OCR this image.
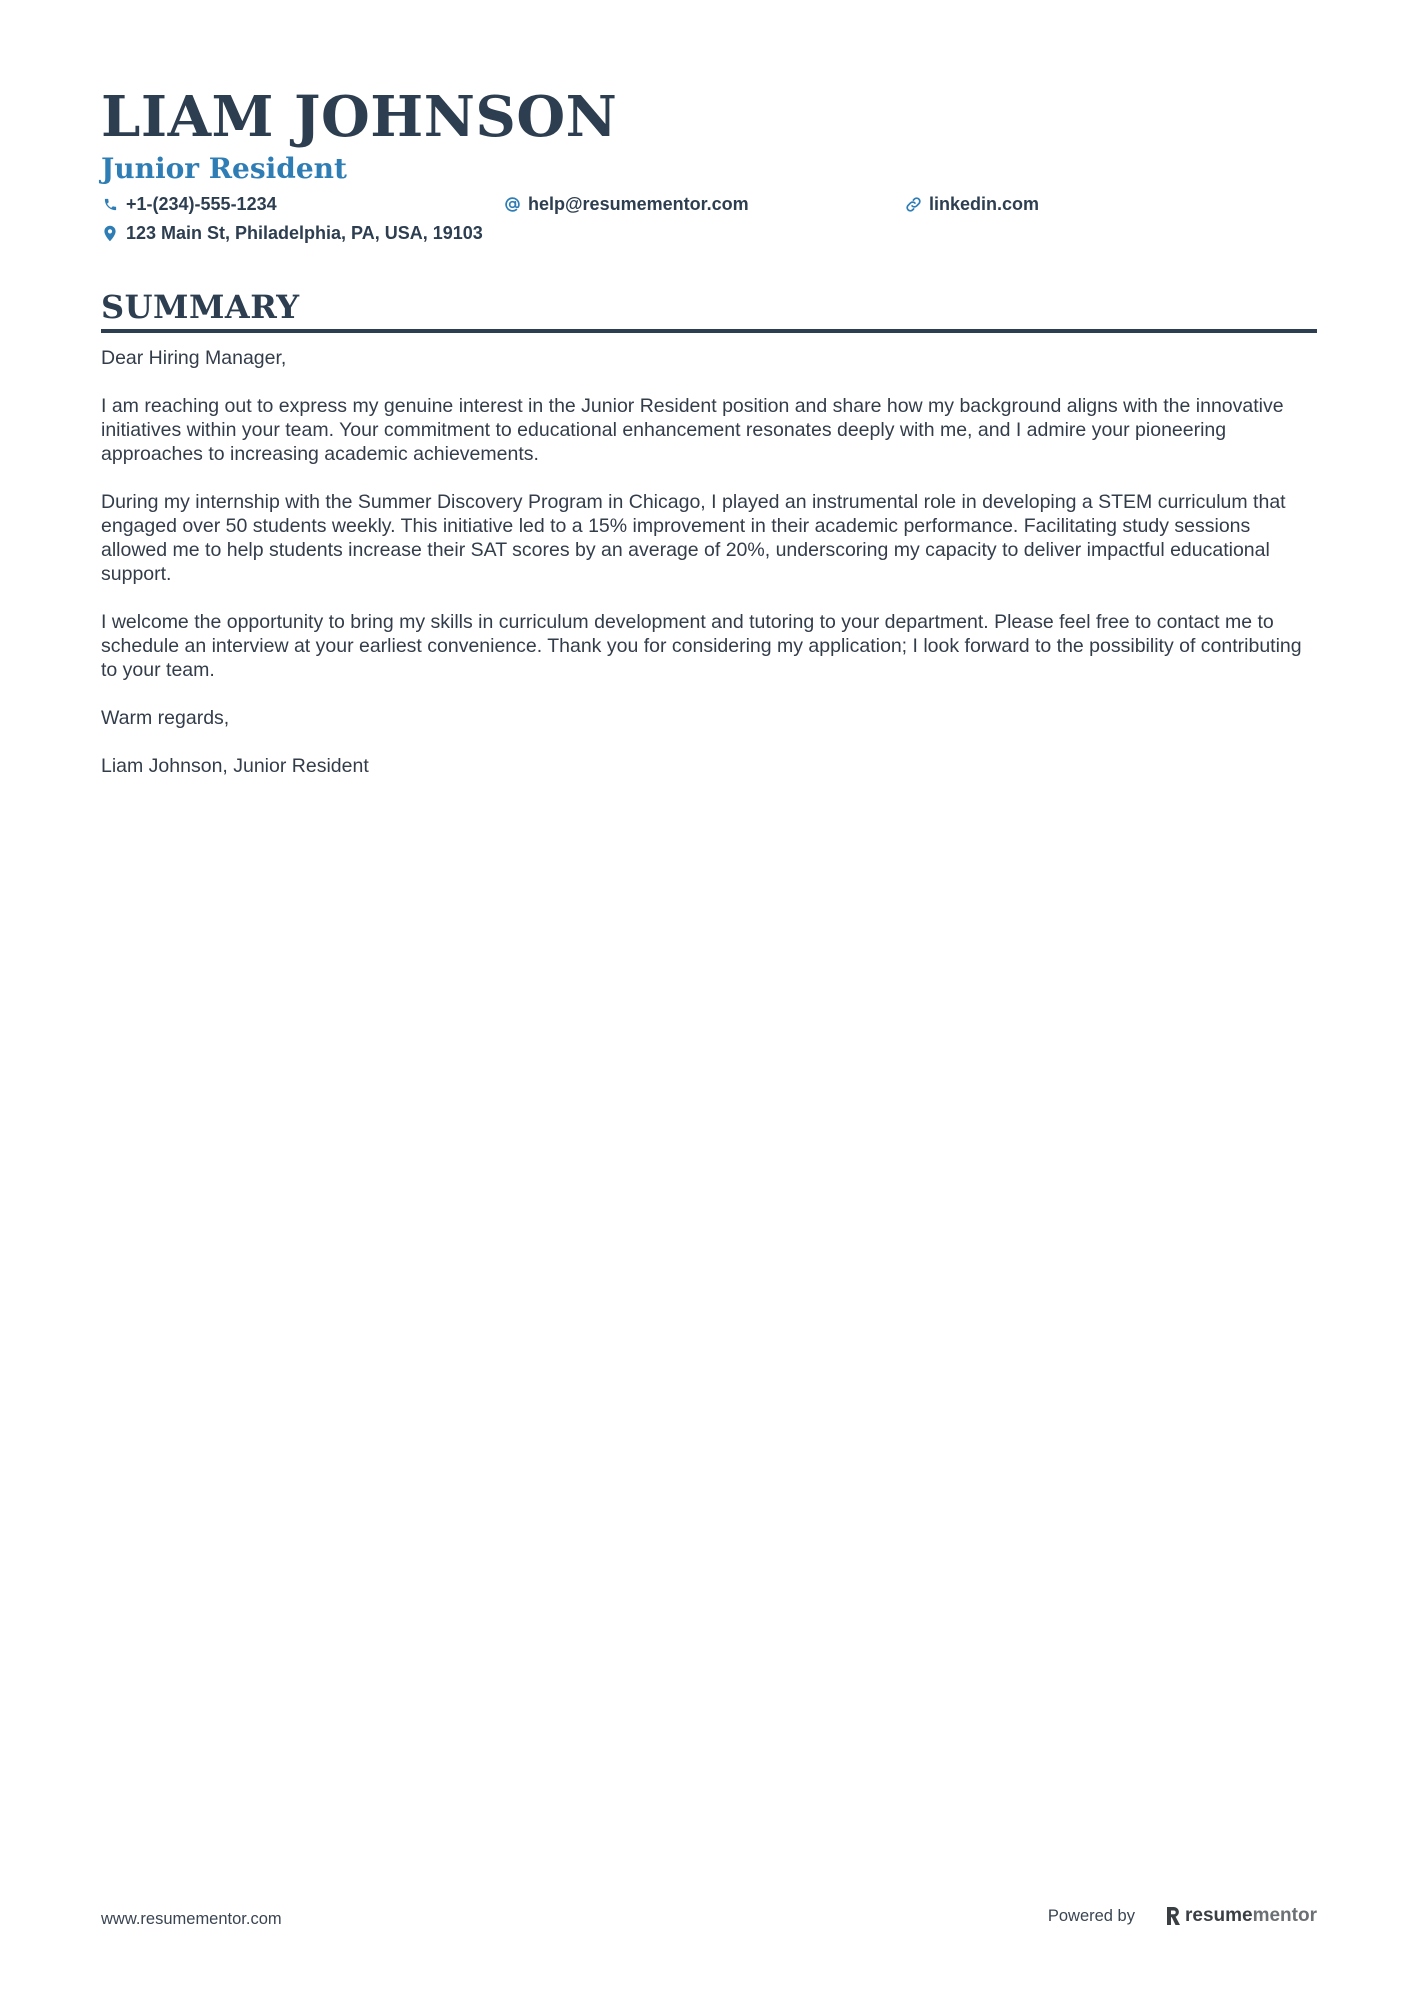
LIAM JOHNSON
Junior Resident
+1-(234)-555-1234	help@resumementor.com	linkedin.com
123 Main St, Philadelphia, PA, USA, 19103
SUMMARY

Dear Hiring Manager,

I am reaching out to express my genuine interest in the Junior Resident position and share how my background aligns with the innovative initiatives within your team. Your commitment to educational enhancement resonates deeply with me, and I admire your pioneering approaches to increasing academic achievements.

During my internship with the Summer Discovery Program in Chicago, I played an instrumental role in developing a STEM curriculum that engaged over 50 students weekly. This initiative led to a 15% improvement in their academic performance. Facilitating study sessions allowed me to help students increase their SAT scores by an average of 20%, underscoring my capacity to deliver impactful educational support.

I welcome the opportunity to bring my skills in curriculum development and tutoring to your department. Please feel free to contact me to schedule an interview at your earliest convenience. Thank you for considering my application; I look forward to the possibility of contributing to your team.

Warm regards,

Liam Johnson, Junior Resident

www.resumementor.com	Powered by	resume mentor
